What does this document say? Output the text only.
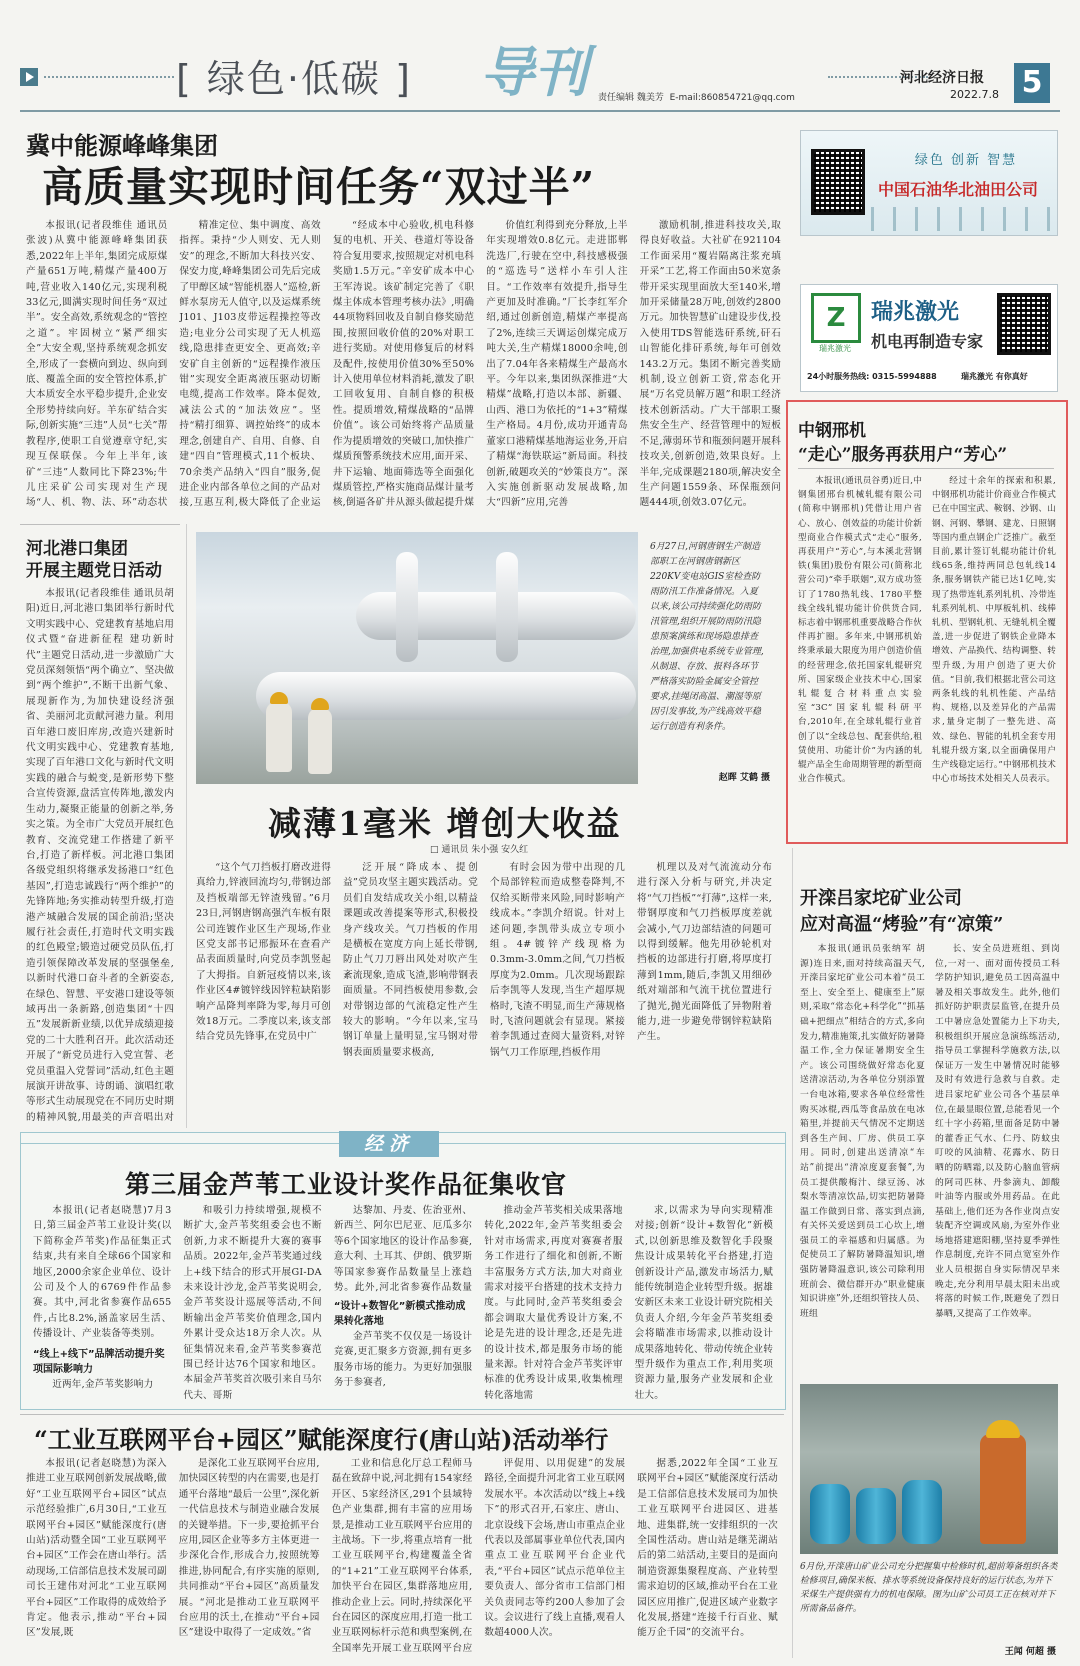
[ 绿色·低碳 ]	导刊 责任编辑 魏美芳 E-mail:860854721@qq.com
河北经济日报
2022.7.8 5
冀中能源峰峰集团
高质量实现时间任务“双过半”

本报讯(记者段维佳 通讯员张波)从冀中能源峰峰集团获悉,2022年上半年,集团完成原煤产量651万吨,精煤产量400万吨,营业收入140亿元,实现利税33亿元,圆满实现时间任务“双过半”。安全高效,系统观念的“管控之道”。牢固树立“紧严细实全”大安全观,坚持系统观念抓安全,形成了一套横向到边、纵向到底、覆盖全面的安全管控体系,扩大本质安全水平稳步提升,企业安全形势持续向好。羊东矿结合实际,创新实施“三违”人员“七关”帮教程序,使职工自觉遵章守纪,实现互保联保。今年上半年,该矿“三违”人数同比下降23%;牛儿庄采矿公司实现对生产现场“人、机、物、法、环”动态状

精准定位、集中调度、高效指挥。秉持“少人则安、无人则安”的理念,不断加大科技兴安、保安力度,峰峰集团公司先后完成了甲醇区域“智能机器人”巡检,新鲜水泵房无人值守,以及运煤系统J101、J103皮带远程操控等改造;电业分公司实现了无人机巡线,隐患排查更安全、更高效;辛安矿自主创新的“远程操作液压钳”实现安全距离液压驱动切断电缆,提高工作效率。降本促效,减法公式的“加法效应”。坚持“精打细算、调控始终”的成本理念,创建自产、自用、自修、自建“四自”管理模式,11个板块、70余类产品纳入“四自”服务,促进企业内部各单位之间的产品对接,互惠互利,极大降低了企业运

“经成本中心验收,机电科修复的电机、开关、巷道灯等设备符合复用要求,按照规定对机电科奖励1.5万元。”辛安矿成本中心王军涛说。该矿制定完善了《职煤主体成本管理考核办法》,明确44项物料回收及自制自修奖励范围,按照回收价值的20%对职工进行奖励。对使用修复后的材料及配件,按使用价值30%至50%计入使用单位材料消耗,激发了职工回收复用、自制自修的积极性。提质增效,精煤战略的“品牌价值”。该公司始终将产品质量作为提质增效的突破口,加快推广煤质预警系统技术应用,面开采、井下运输、地面筛选等全面强化煤质管控,严格实施商品煤计量考核,倒逼各矿井从源头做起提升煤

价值红利得到充分释放,上半年实现增效0.8亿元。走进邯郸洗选厂,行驶在空中,科技感极强的“巡选号”送样小车引人注目。“工作效率有效提升,指导生产更加及时准确。”厂长李红军介绍,通过创新创造,精煤产率提高了2%,连续三天调运创煤完成万吨大关,生产精煤18000余吨,创出了7.04年各来精煤生产最高水平。今年以来,集团纵深推进“大精煤”战略,打造以本部、新疆、山西、港口为依托的“1+3”精煤生产格局。4月份,成功开通青岛董家口港精煤基地海运业务,开启了精煤“海铁联运”新局面。科技创新,破题攻关的“妙策良方”。深入实施创新驱动发展战略,加大“四新”应用,完善

激励机制,推进科技攻关,取得良好收益。大社矿在921104工作面采用“覆岩隔离注浆充填开采”工艺,将工作面由50米宽条带开采实现里面放大至140米,增加开采储量28万吨,创效约2800万元。加快智慧矿山建设步伐,投入使用TDS智能选矸系统,矸石山智能化排矸系统,每年可创效143.2万元。集团不断完善奖励机制,设立创新工资,常态化开展“万名党员解万题”和职工经济技术创新活动。广大干部职工聚焦安全生产、经营管理中的短板不足,薄弱环节和瓶颈问题开展科技攻关,创新创造,效果良好。上半年,完成课题2180项,解决安全生产问题1559条、环保瓶颈问题444项,创效3.07亿元。

绿色 创新 智慧
中国石油华北油田公司
Z
瑞兆激光
瑞兆激光
机电再制造专家
24小时服务热线: 0315-5994888	瑞兆激光 有你真好
河北港口集团
开展主题党日活动

本报讯(记者段维佳 通讯员胡阳)近日,河北港口集团举行新时代文明实践中心、党建教育基地启用仪式暨“奋进新征程 建功新时代”主题党日活动,进一步激励广大党员深刻领悟“两个确立”、坚决做到“两个维护”,不断干出新气象、展现新作为,为加快建设经济强省、美丽河北贡献河港力量。利用百年港口废旧库房,改造兴建新时代文明实践中心、党建教育基地,实现了百年港口文化与新时代文明实践的融合与蜕变,是新形势下整合宣传资源,盘活宣传阵地,激发内生动力,凝聚正能量的创新之举,务实之策。为全市广大党员开展红色教育、交流党建工作搭建了新平台,打造了新样板。河北港口集团各级党组织将继承发扬港口“红色基因”,打造忠诚践行“两个维护”的先锋阵地;务实推动转型升级,打造港产城融合发展的国企前沿;坚决履行社会责任,打造时代文明实践的红色殿堂;锻造过硬党员队伍,打造引领保障改革发展的坚强堡垒,以新时代港口奋斗者的全新姿态,在绿色、智慧、平安港口建设等领域再出一条新路,创造集团“十四五”发展新新业绩,以优异成绩迎接党的二十大胜利召开。此次活动还开展了“新党员进行入党宣誓、老党员重温入党誓词”活动,红色主题展演开讲故事、诗朗诵、演唱红歌等形式生动展现党在不同历史时期的精神风貌,用最美的声音唱出对

6月27日,河钢唐钢生产制造部职工在河钢唐钢新区220KV变电站GIS室检查防雨防汛工作准备情况。入夏以来,该公司持续强化防雨防汛管理,组织开展防雨防汛隐患预案演练和现场隐患排查治理,加强供电系统专业管理,从制退、存放、报料各环节严格落实防险金属安全管控要求,挂绳闭高温、潮湿等原因引发事故,为产线高效平稳运行创造有利条件。
赵晖 艾鹤 摄
减薄1毫米 增创大收益
□ 通讯员 朱小强 安久红

“这个气刀挡板打磨改进得真给力,锌液回流均匀,带钢边部及挡板端部无锌渣残留。”6月23日,河钢唐钢高强汽车板有限公司连镀作业区生产现场,作业区党支部书记邢振环在查看产品表面质量时,向党员李凯竖起了大拇指。自新冠疫情以来,该作业区4#镀锌线因锌粒缺陷影响产品降判率降为零,每月可创效18万元。二季度以来,该支部结合党员先锋事,在党员中广

泛开展“降成本、提创益”党员攻坚主题实践活动。党员们自发结成攻关小组,以精益课题或改善提案等形式,积极投身产线攻关。气刀挡板的作用是横板在宽度方向上延长带钢,防止气刀刀唇出风处对吹产生紊流现象,造成飞渣,影响带钢表面质量。不同挡板使用参数,会对带钢边部的气流稳定性产生较大的影响。“今年以来,宝马钢订单量上量明显,宝马钢对带钢表面质量要求极高,

有时会因为带中出现的几个局部锌粒而造成整卷降判,不仅给买断带来风险,同时影响产线成本。”李凯介绍说。针对上述问题,李凯带头成立专项小组。4#镀锌产线现格为0.3mm-3.0mm之间,气刀挡板厚度为2.0mm。几次现场跟踪后李凯等人发现,当生产超厚规格时,飞渣不明显,而生产薄规格时,飞渣问题就会有显现。紧接着李凯通过查阅大量资料,对锌锅气刀工作原理,挡板作用

机理以及对气流流动分布进行深入分析与研究,并决定将“气刀挡板”“打薄”,这样一来,带钢厚度和气刀挡板厚度差就会减小,气刀边部结渣的问题可以得到缓解。他先用砂轮机对挡板的边部进行打磨,将厚度打薄到1mm,随后,李凯又用细砂纸对端部和气流干扰位置进行了抛光,抛光面降低了异物附着能力,进一步避免带钢锌粒缺陷产生。

中钢邢机
“走心”服务再获用户“芳心”

本报讯(通讯员谷勇)近日,中钢集团邢台机械轧辊有限公司(简称中钢邢机)凭借让用户省心、放心、创效益的功能计价新型商业合作模式式“走心”服务,再获用户“芳心”,与本溪北营钢铁(集团)股份有限公司(简称北营公司)“牵手联姻”,双方成功签订了1780热轧线、1780平整线全线轧辊功能计价供货合同,标志着中钢邢机重要战略合作伙伴再扩圈。多年来,中钢邢机始终秉承最大限度为用户创造价值的经营理念,依托国家轧辊研究所、国家级企业技术中心,国家轧辊复合材料重点实验室“3C”国家轧辊科研平台,2010年,在全球轧辊行业首创了以“全线总包、配套供给,租赁使用、功能计价”为内涵的轧辊产品全生命周期管理的新型商业合作模式。

经过十余年的探索和积累,中钢邢机功能计价商业合作模式已在中国宝武、鞍钢、沙钢、山钢、河钢、攀钢、建龙、日照钢等国内重点钢企广泛推广。截至目前,累计签订轧辊功能计价轧线65条,维持两同总包轧线14条,服务钢铁产能已达1亿吨,实现了热带连轧系列轧机、冷带连轧系列轧机、中厚板轧机、线棒轧机、型钢轧机、无缝轧机全覆盖,进一步促进了钢铁企业降本增效、产品换代、结构调整、转型升级,为用户创造了更大价值。“目前,我们根据北营公司这两条轧线的轧机性能、产品结构、规格,以及差异化的产品需求,量身定制了一整先进、高效、绿色、智能的轧机全套专用轧辊升级方案,以全面确保用户生产线稳定运行。”中钢邢机技术中心市场技术处相关人员表示。

开滦吕家坨矿业公司
应对高温“烤验”有“凉策”

本报讯(通讯员张纳军 胡源)连日来,面对持续高温天气,开滦吕家坨矿业公司本着“员工至上、安全至上、健康至上”原则,采取“常态化+科学化”“抓基础+把细点”相结合的方式,多向发力,精准施策,扎实做好防暑降温工作,全力保证暑期安全生产。该公司围绕做好常态化夏送清凉活动,为各单位分别添置一台电冰箱,要求各单位经常性购买冰棍,西瓜等食品放在电冰箱里,并提前天气情况不定期送到各生产间、厂房、供员工享用。同时,创建出送清凉“车站”前提出“清凉度夏套餐”,为员工提供酸梅汁、绿豆汤、冰梨水等清凉饮品,切实把防暑降温工作做到日常、落实到点滴,有关怀关爱送到员工心坎上,增强员工的幸福感和归属感。为促使员工了解防暑降温知识,增强防暑降温意识,该公司除利用班前会、微信群开办“职业健康知识讲座”外,还组织管技人员、班组

长、安全员进班组、到岗位,一对一、面对面传授员工科学防护知识,避免员工因高温中暑及相关事故发生。此外,他们抓好防护职责层监管,在提升员工中暑应急处置能力上下功夫,积极组织开展应急演练练活动,指导员工掌握科学施救方法,以保证万一发生中暑情况时能够及时有效进行急救与自救。走进吕家坨矿业公司各个基层单位,在最显眼位置,总能看见一个红十字小药箱,里面备足防中暑的藿香正气水、仁丹、防蚊虫叮咬的风油精、花露水、防日晒的防晒霜,以及防心脑血管病的阿司匹林、丹参滴丸、卸酸叶油等内服或外用药品。在此基础上,他们还为各作业岗点安装配齐空调或风扇,为室外作业场地搭建遮阳棚,坚持夏季弹性作息制度,充许不同点宽室外作业人员根据自身实际情况早来晚走,充分利用早晨太阳未出或将落的时候工作,既避免了烈日暴晒,又提高了工作效率。

6月份,开滦唐山矿业公司充分把握集中检修时机,超前筹备组织各类检修项目,确保米板、排水等系统设备保持良好的运行状态,为并下采煤生产提供强有力的机电保障。图为山矿公司员工正在核对并下所需备品备件。
王闻 何超 摄
经济
第三届金芦苇工业设计奖作品征集收官

本报讯(记者赵晓慧)7月3日,第三届金芦苇工业设计奖(以下简称金芦苇奖)作品征集正式结束,共有来自全球66个国家和地区,2000余家企业单位、设计公司及个人的6769件作品参赛。其中,河北省参赛作品655件,占比8.2%,涵盖家居生活、传播设计、产业装备等类别。

“线上+线下”品牌活动提升奖项国际影响力

近两年,金芦苇奖影响力

和吸引力持续增强,规模不断扩大,金芦苇奖组委会也不断创新,力求不断提升大赛的赛事品质。2022年,金芦苇奖通过线上+线下结合的形式开展GI-DA未来设计沙龙,金芦苇奖说明会,金芦苇奖设计巡展等活动,不间断输出金芦苇奖价值理念,国内外累计受众达18万余人次。从征集情况来看,金芦苇奖参赛范围已经计达76个国家和地区。本届金芦苇奖首次吸引来自马尔代夫、哥斯

达黎加、丹麦、佐治亚州、新西兰、阿尔巴尼亚、厄瓜多尔等6个国家地区的设计作品参赛,意大利、土耳其、伊朗、俄罗斯等国家参赛作品数量呈上涨趋势。此外,河北省参赛作品数量

“设计+数智化”新模式推动成果转化落地

金芦苇奖不仅仅是一场设计竞赛,更汇聚多方资源,拥有更多服务市场的能力。为更好加强服务于参赛者,

推动金芦苇奖相关成果落地转化,2022年,金芦苇奖组委会针对市场需求,再度对赛赛者服务工作进行了细化和创新,不断丰富服务方式方法,加大对商业需求对接平台搭建的技术支持力度。与此同时,金芦苇奖组委会都会调取大量优秀设计方案,不论是先进的设计理念,还是先进的设计技术,都是服务市场的能量来源。针对符合金芦苇奖评审标准的优秀设计成果,收集梳理转化落地需

求,以需求为导向实现精准对接;创新“设计+数智化”新模式,以创新思维及数智化手段聚焦设计成果转化平台搭建,打造创新设计产品,激发市场活力,赋能传统制造企业转型升级。据雄安新区未来工业设计研究院相关负责人介绍,今年金芦苇奖组委会将瞄准市场需求,以推动设计成果落地转化、带动传统企业转型升级作为重点工作,利用奖项资源力量,服务产业发展和企业壮大。

“工业互联网平台+园区”赋能深度行(唐山站)活动举行

本报讯(记者赵晓慧)为深入推进工业互联网创新发展战略,做好“工业互联网平台+园区”试点示范经验推广,6月30日,“工业互联网平台+园区”赋能深度行(唐山站)活动暨全国“工业互联网平台+园区”工作会在唐山举行。活动现场,工信部信息技术发展司副司长王建伟对河北“工业互联网平台+园区”工作取得的成效给予肯定。他表示,推动“平台+园区”发展,既

是深化工业互联网平台应用,加快园区转型的内在需要,也是打通平台落地“最后一公里”,深化新一代信息技术与制造业融合发展的关键举措。下一步,要抢抓平台应用,园区企业等多方主体更进一步深化合作,形成合力,按照统筹推进,协同配合,有序实施的原则,共同推动“平台+园区”高质量发展。“河北是推动工业互联网平台应用的沃土,在推动“平台+园区”建设中取得了一定成效。”省

工业和信息化厅总工程师马磊在致辞中说,河北拥有154家经开区、5家经济区,291个县域特色产业集群,拥有丰富的应用场景,是推动工业互联网平台应用的主战场。下一步,将重点培育一批工业互联网平台,构建覆盖全省的“1+21”工业互联网平台体系,加快平台在园区,集群落地应用,推动企业上云。同时,持续深化平台在园区的深度应用,打造一批工业互联网标杆示范和典型案例,在全国率先开展工业互联网平台应

评促用、以用促建”的发展路径,全面提升河北省工业互联网发展水平。本次活动以“线上+线下”的形式召开,石家庄、唐山、北京设线下会场,唐山市重点企业代表以及部属事业单位代表,国内重点工业互联网平台企业代表,“平台+园区”试点示范单位主要负责人、部分省市工信部门相关负责同志等约200人参加了会议。会议进行了线上直播,观看人数超4000人次。

据悉,2022年全国“工业互联网平台+园区”赋能深度行活动是工信部信息技术发展司为加快工业互联网平台进园区、进基地、进集群,统一安排组织的一次全国性活动。唐山站是继芜湖站后的第二站活动,主要目的是面向制造资源集聚程度高、产业转型需求迫切的区域,推动平台在工业园区应用推广,促进区域产业数字化发展,搭建“连接千行百业、赋能万企千园”的交流平台。
